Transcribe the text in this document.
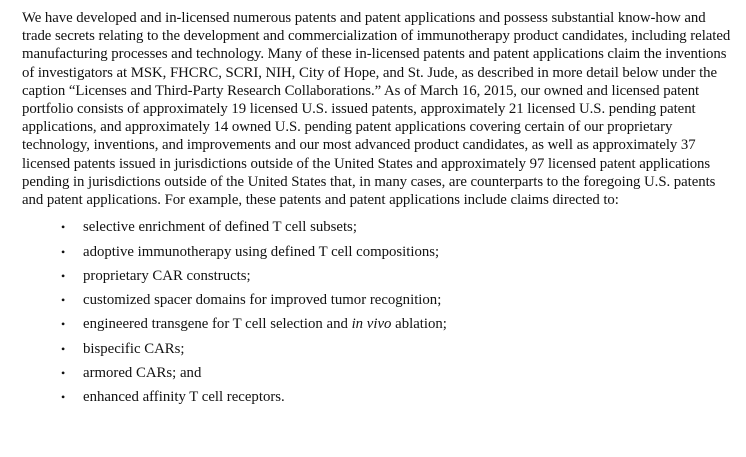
We have developed and in-licensed numerous patents and patent applications and possess substantial know-how and trade secrets relating to the development and commercialization of immunotherapy product candidates, including related manufacturing processes and technology. Many of these in-licensed patents and patent applications claim the inventions of investigators at MSK, FHCRC, SCRI, NIH, City of Hope, and St. Jude, as described in more detail below under the caption “Licenses and Third-Party Research Collaborations.” As of March 16, 2015, our owned and licensed patent portfolio consists of approximately 19 licensed U.S. issued patents, approximately 21 licensed U.S. pending patent applications, and approximately 14 owned U.S. pending patent applications covering certain of our proprietary technology, inventions, and improvements and our most advanced product candidates, as well as approximately 37 licensed patents issued in jurisdictions outside of the United States and approximately 97 licensed patent applications pending in jurisdictions outside of the United States that, in many cases, are counterparts to the foregoing U.S. patents and patent applications. For example, these patents and patent applications include claims directed to:

• selective enrichment of defined T cell subsets;
• adoptive immunotherapy using defined T cell compositions;
• proprietary CAR constructs;
• customized spacer domains for improved tumor recognition;
• engineered transgene for T cell selection and in vivo ablation;
• bispecific CARs;
• armored CARs; and
• enhanced affinity T cell receptors.
